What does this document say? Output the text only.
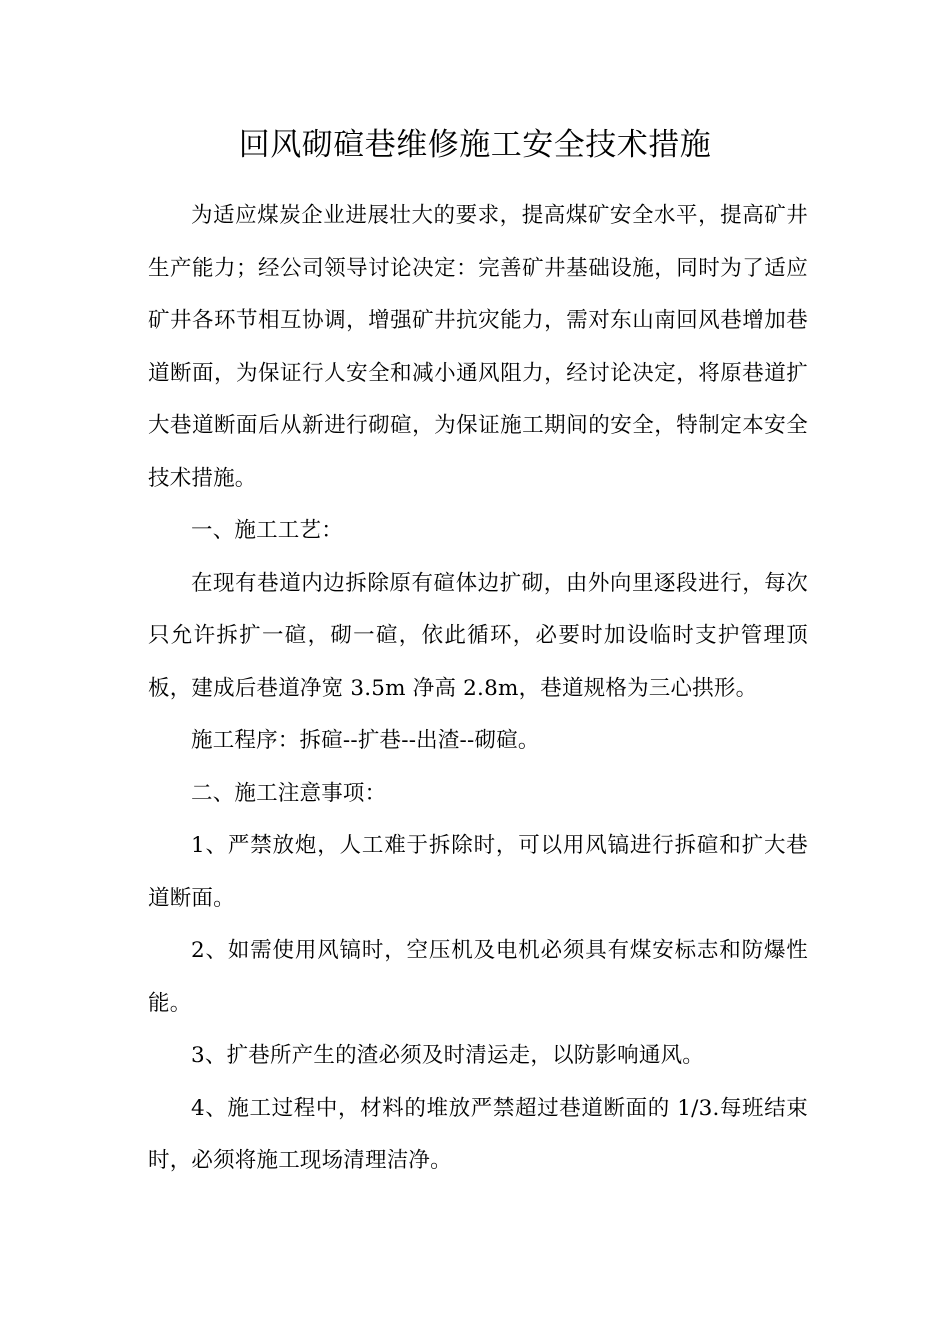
回风砌碹巷维修施工安全技术措施

为适应煤炭企业进展壮大的要求，提高煤矿安全水平，提高矿井生产能力；经公司领导讨论决定：完善矿井基础设施，同时为了适应矿井各环节相互协调，增强矿井抗灾能力，需对东山南回风巷增加巷道断面，为保证行人安全和减小通风阻力，经讨论决定，将原巷道扩大巷道断面后从新进行砌碹，为保证施工期间的安全，特制定本安全技术措施。

一、施工工艺：

在现有巷道内边拆除原有碹体边扩砌，由外向里逐段进行，每次只允许拆扩一碹，砌一碹，依此循环，必要时加设临时支护管理顶板，建成后巷道净宽 3.5m 净高 2.8m，巷道规格为三心拱形。

施工程序：拆碹--扩巷--出渣--砌碹。

二、施工注意事项：

1、严禁放炮，人工难于拆除时，可以用风镐进行拆碹和扩大巷道断面。

2、如需使用风镐时，空压机及电机必须具有煤安标志和防爆性能。

3、扩巷所产生的渣必须及时清运走，以防影响通风。

4、施工过程中，材料的堆放严禁超过巷道断面的 1/3.每班结束时，必须将施工现场清理洁净。
